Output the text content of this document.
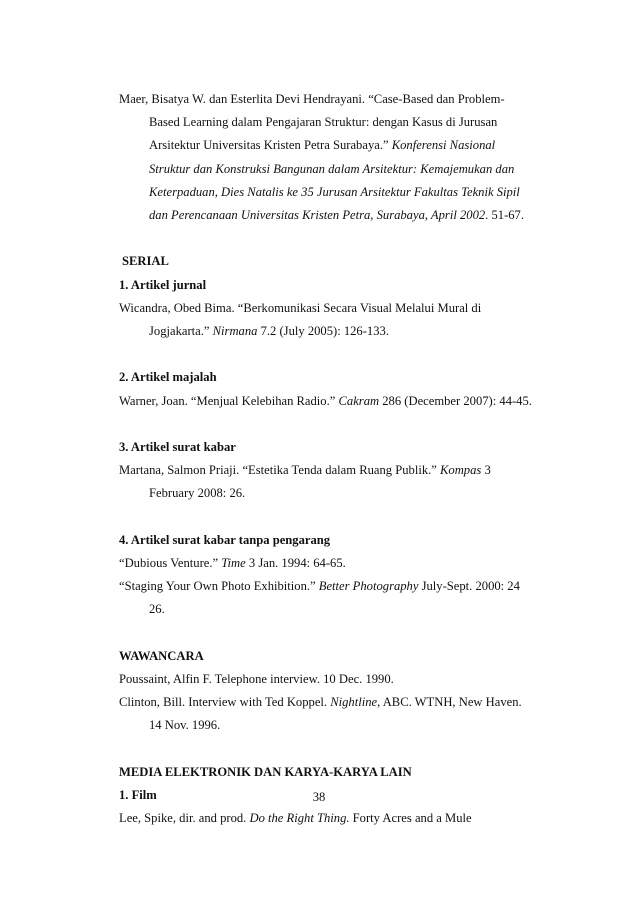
Maer, Bisatya W. dan Esterlita Devi Hendrayani. “Case-Based dan Problem-
Based Learning dalam Pengajaran Struktur: dengan Kasus di Jurusan
Arsitektur Universitas Kristen Petra Surabaya.” Konferensi Nasional
Struktur dan Konstruksi Bangunan dalam Arsitektur: Kemajemukan dan
Keterpaduan, Dies Natalis ke 35 Jurusan Arsitektur Fakultas Teknik Sipil
dan Perencanaan Universitas Kristen Petra, Surabaya, April 2002. 51-67.

SERIAL

1. Artikel jurnal

Wicandra, Obed Bima. “Berkomunikasi Secara Visual Melalui Mural di
Jogjakarta.” Nirmana 7.2 (July 2005): 126-133.

2. Artikel majalah

Warner, Joan. “Menjual Kelebihan Radio.” Cakram 286 (December 2007): 44-45.

3. Artikel surat kabar

Martana, Salmon Priaji. “Estetika Tenda dalam Ruang Publik.” Kompas 3
February 2008: 26.

4. Artikel surat kabar tanpa pengarang

“Dubious Venture.” Time 3 Jan. 1994: 64-65.

“Staging Your Own Photo Exhibition.” Better Photography July-Sept. 2000: 24
26.

WAWANCARA

Poussaint, Alfin F. Telephone interview. 10 Dec. 1990.

Clinton, Bill. Interview with Ted Koppel. Nightline, ABC. WTNH, New Haven.
14 Nov. 1996.

MEDIA ELEKTRONIK DAN KARYA-KARYA LAIN

1. Film

Lee, Spike, dir. and prod. Do the Right Thing. Forty Acres and a Mule

38
